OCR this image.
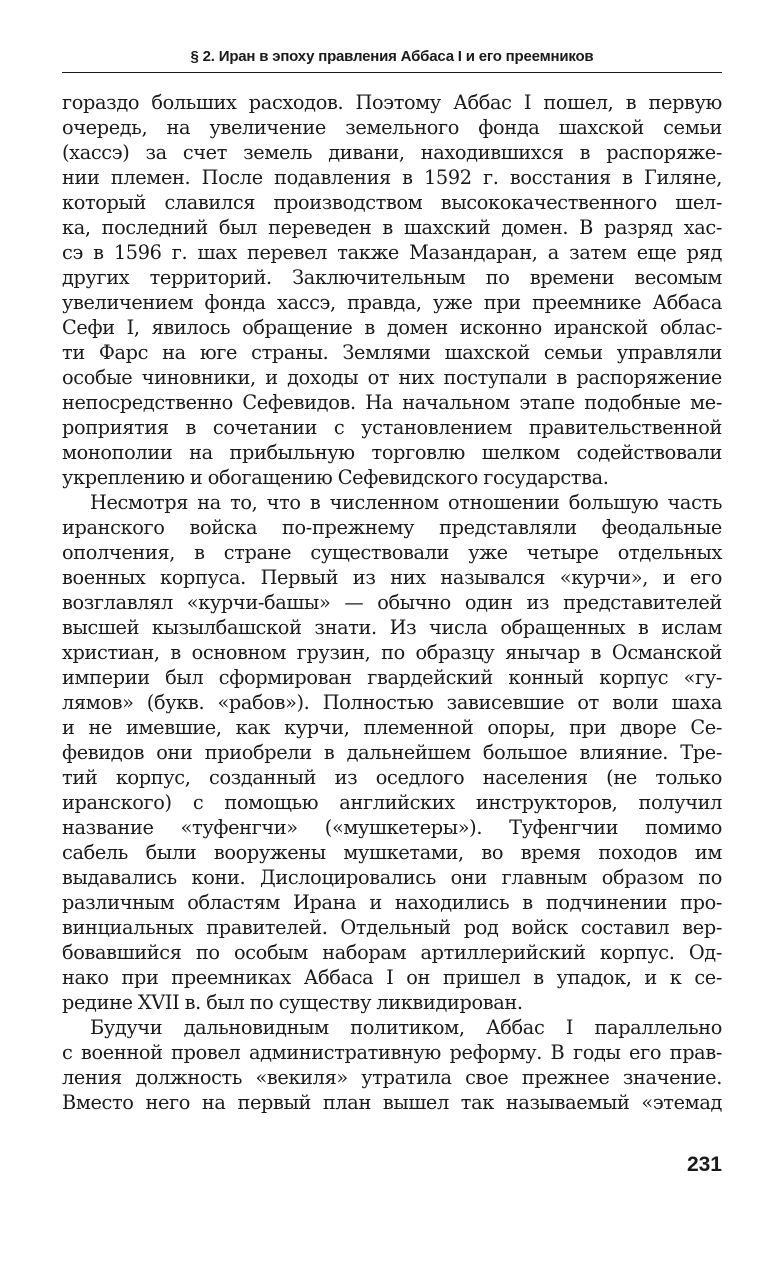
§ 2. Иран в эпоху правления Аббаса I и его преемников
гораздо больших расходов. Поэтому Аббас I пошел, в первую
очередь, на увеличение земельного фонда шахской семьи
(хассэ) за счет земель дивани, находившихся в распоряже-
нии племен. После подавления в 1592 г. восстания в Гиляне,
который славился производством высококачественного шел-
ка, последний был переведен в шахский домен. В разряд хас-
сэ в 1596 г. шах перевел также Мазандаран, а затем еще ряд
других территорий. Заключительным по времени весомым
увеличением фонда хассэ, правда, уже при преемнике Аббаса
Сефи I, явилось обращение в домен исконно иранской облас-
ти Фарс на юге страны. Землями шахской семьи управляли
особые чиновники, и доходы от них поступали в распоряжение
непосредственно Сефевидов. На начальном этапе подобные ме-
роприятия в сочетании с установлением правительственной
монополии на прибыльную торговлю шелком содействовали
укреплению и обогащению Сефевидского государства.
Несмотря на то, что в численном отношении большую часть
иранского войска по-прежнему представляли феодальные
ополчения, в стране существовали уже четыре отдельных
военных корпуса. Первый из них назывался «курчи», и его
возглавлял «курчи-башы» — обычно один из представителей
высшей кызылбашской знати. Из числа обращенных в ислам
христиан, в основном грузин, по образцу янычар в Османской
империи был сформирован гвардейский конный корпус «гу-
лямов» (букв. «рабов»). Полностью зависевшие от воли шаха
и не имевшие, как курчи, племенной опоры, при дворе Се-
февидов они приобрели в дальнейшем большое влияние. Тре-
тий корпус, созданный из оседлого населения (не только
иранского) с помощью английских инструкторов, получил
название «туфенгчи» («мушкетеры»). Туфенгчии помимо
сабель были вооружены мушкетами, во время походов им
выдавались кони. Дислоцировались они главным образом по
различным областям Ирана и находились в подчинении про-
винциальных правителей. Отдельный род войск составил вер-
бовавшийся по особым наборам артиллерийский корпус. Од-
нако при преемниках Аббаса I он пришел в упадок, и к се-
редине XVII в. был по существу ликвидирован.
Будучи дальновидным политиком, Аббас I параллельно
с военной провел административную реформу. В годы его прав-
ления должность «векиля» утратила свое прежнее значение.
Вместо него на первый план вышел так называемый «этемад
231
